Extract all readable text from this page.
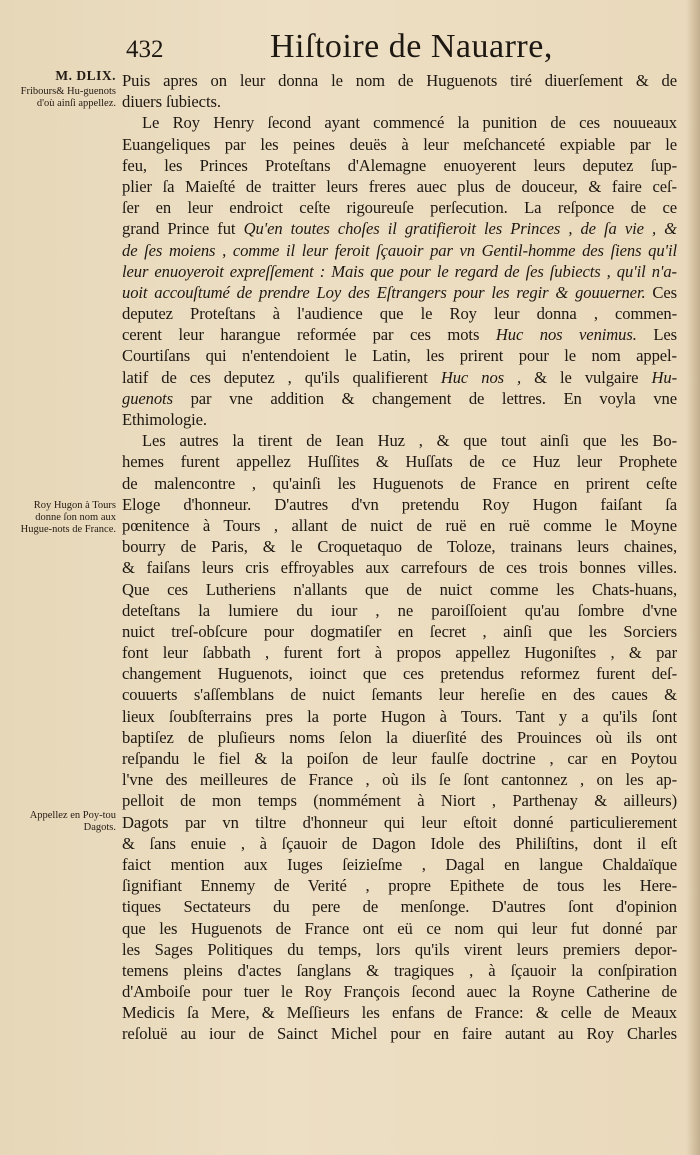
432	Hiſtoire de Nauarre,
M. DLIX.
Fribours& Hu-guenots d'où ainſi appellez.
Roy Hugon à Tours donne ſon nom aux Hugue-nots de France.
Appellez en Poy-tou Dagots.
Puis apres on leur donna le nom de Huguenots tiré diuerſement & de
diuers ſubiects.
Le Roy Henry ſecond ayant commencé la punition de ces nouueaux
Euangeliques par les peines deuës à leur meſchanceté expiable par le
feu, les Princes Proteſtans d'Alemagne enuoyerent leurs deputez ſup-
plier ſa Maieſté de traitter leurs freres auec plus de douceur, & faire ceſ-
ſer en leur endroict ceſte rigoureuſe perſecution. La reſponce de ce
grand Prince fut Qu'en toutes choſes il gratifieroit les Princes , de ſa vie , &
de ſes moiens , comme il leur feroit ſçauoir par vn Gentil-homme des ſiens qu'il
leur enuoyeroit expreſſement : Mais que pour le regard de ſes ſubiects , qu'il n'a-
uoit accouſtumé de prendre Loy des Eſtrangers pour les regir & gouuerner. Ces
deputez Proteſtans à l'audience que le Roy leur donna , commen-
cerent leur harangue reformée par ces mots Huc nos venimus. Les
Courtiſans qui n'entendoient le Latin, les prirent pour le nom appel-
latif de ces deputez , qu'ils qualifierent Huc nos , & le vulgaire Hu-
guenots par vne addition & changement de lettres. En voyla vne
Ethimologie.
Les autres la tirent de Iean Huz , & que tout ainſi que les Bo-
hemes furent appellez Huſſites & Huſſats de ce Huz leur Prophete
de malencontre , qu'ainſi les Huguenots de France en prirent ceſte
Eloge d'honneur. D'autres d'vn pretendu Roy Hugon faiſant ſa
pœnitence à Tours , allant de nuict de ruë en ruë comme le Moyne
bourry de Paris, & le Croquetaquo de Toloze, trainans leurs chaines,
& faiſans leurs cris effroyables aux carrefours de ces trois bonnes villes.
Que ces Lutheriens n'allants que de nuict comme les Chats-huans,
deteſtans la lumiere du iour , ne paroiſſoient qu'au ſombre d'vne
nuict treſ-obſcure pour dogmatiſer en ſecret , ainſi que les Sorciers
font leur ſabbath , furent fort à propos appellez Hugoniſtes , & par
changement Huguenots, ioinct que ces pretendus reformez furent deſ-
couuerts s'aſſemblans de nuict ſemants leur hereſie en des caues &
lieux ſoubſterrains pres la porte Hugon à Tours. Tant y a qu'ils ſont
baptiſez de pluſieurs noms ſelon la diuerſité des Prouinces où ils ont
reſpandu le fiel & la poiſon de leur faulſe doctrine , car en Poytou
l'vne des meilleures de France , où ils ſe ſont cantonnez , on les ap-
pelloit de mon temps (nommément à Niort , Parthenay & ailleurs)
Dagots par vn tiltre d'honneur qui leur eſtoit donné particulierement
& ſans enuie , à ſçauoir de Dagon Idole des Philiſtins, dont il eſt
faict mention aux Iuges ſeizieſme , Dagal en langue Chaldaïque
ſignifiant Ennemy de Verité , propre Epithete de tous les Here-
tiques Sectateurs du pere de menſonge. D'autres ſont d'opinion
que les Huguenots de France ont eü ce nom qui leur fut donné par
les Sages Politiques du temps, lors qu'ils virent leurs premiers depor-
temens pleins d'actes ſanglans & tragiques , à ſçauoir la conſpiration
d'Amboiſe pour tuer le Roy François ſecond auec la Royne Catherine de
Medicis ſa Mere, & Meſſieurs les enfans de France: & celle de Meaux
reſoluë au iour de Sainct Michel pour en faire autant au Roy Charles
